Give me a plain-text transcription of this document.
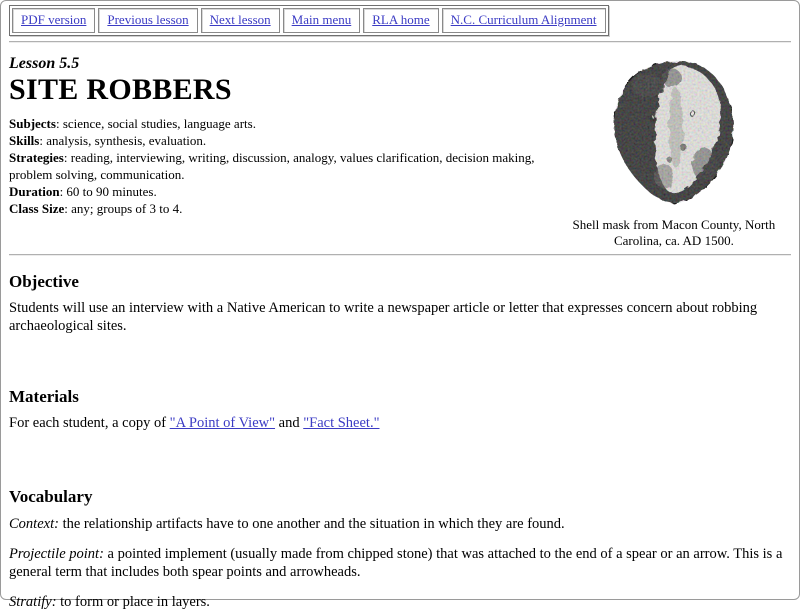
PDF version	Previous lesson	Next lesson	Main menu	RLA home	N.C. Curriculum Alignment
Lesson 5.5
SITE ROBBERS
Subjects: science, social studies, language arts.
Skills: analysis, synthesis, evaluation.
Strategies: reading, interviewing, writing, discussion, analogy, values clarification, decision making, problem solving, communication.
Duration: 60 to 90 minutes.
Class Size: any; groups of 3 to 4.
Shell mask from Macon County, North Carolina, ca. AD 1500.
Objective

Students will use an interview with a Native American to write a newspaper article or letter that expresses concern about robbing archaeological sites.

Materials

For each student, a copy of "A Point of View" and "Fact Sheet."

Vocabulary

Context: the relationship artifacts have to one another and the situation in which they are found.

Projectile point: a pointed implement (usually made from chipped stone) that was attached to the end of a spear or an arrow. This is a general term that includes both spear points and arrowheads.

Stratify: to form or place in layers.
